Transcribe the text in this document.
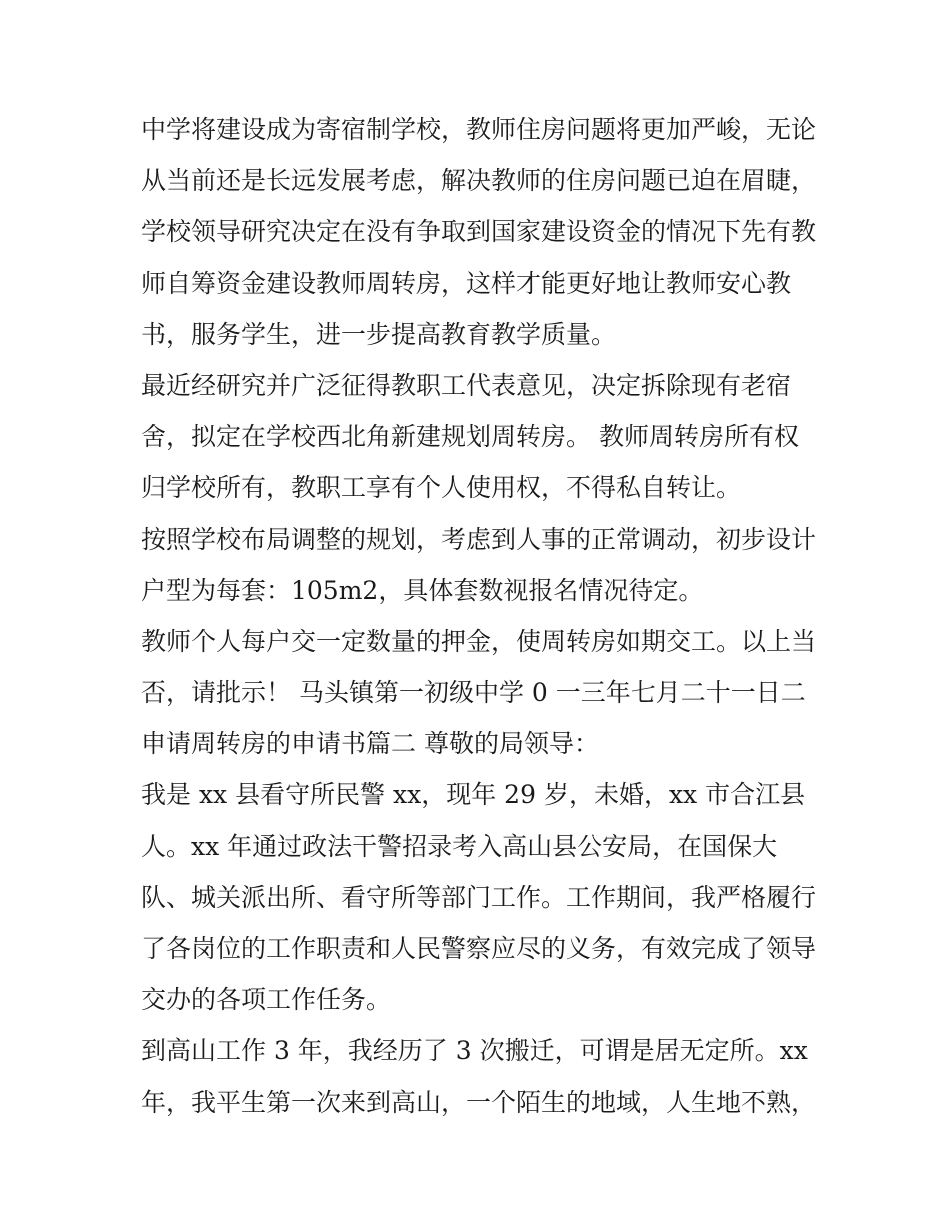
中学将建设成为寄宿制学校，教师住房问题将更加严峻，无论
从当前还是长远发展考虑，解决教师的住房问题已迫在眉睫，
学校领导研究决定在没有争取到国家建设资金的情况下先有教
师自筹资金建设教师周转房，这样才能更好地让教师安心教
书，服务学生，进一步提高教育教学质量。
最近经研究并广泛征得教职工代表意见，决定拆除现有老宿
舍，拟定在学校西北角新建规划周转房。 教师周转房所有权
归学校所有，教职工享有个人使用权，不得私自转让。
按照学校布局调整的规划，考虑到人事的正常调动，初步设计
户型为每套：105m2，具体套数视报名情况待定。
教师个人每户交一定数量的押金，使周转房如期交工。以上当
否，请批示！ 马头镇第一初级中学 0 一三年七月二十一日二
申请周转房的申请书篇二 尊敬的局领导：
我是 xx 县看守所民警 xx，现年 29 岁，未婚，xx 市合江县
人。xx 年通过政法干警招录考入高山县公安局，在国保大
队、城关派出所、看守所等部门工作。工作期间，我严格履行
了各岗位的工作职责和人民警察应尽的义务，有效完成了领导
交办的各项工作任务。
到高山工作 3 年，我经历了 3 次搬迁，可谓是居无定所。xx
年，我平生第一次来到高山，一个陌生的地域，人生地不熟，
